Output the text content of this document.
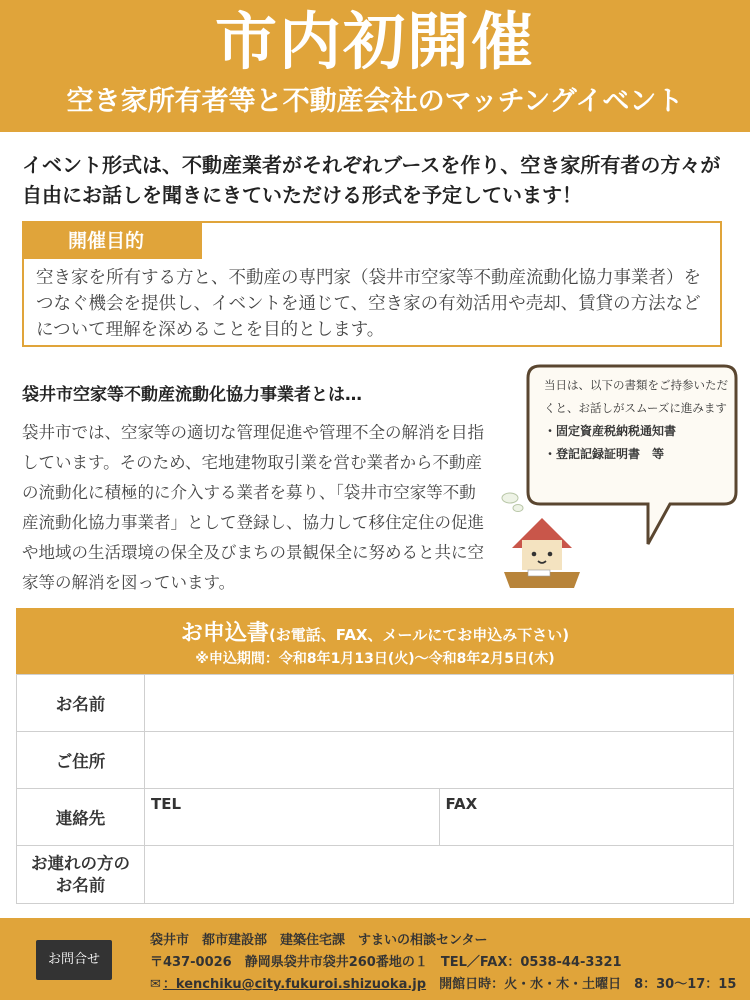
市内初開催
空き家所有者等と不動産会社のマッチングイベント
イベント形式は、不動産業者がそれぞれブースを作り、空き家所有者の方々が自由にお話しを聞きにきていただける形式を予定しています！
開催目的
空き家を所有する方と、不動産の専門家（袋井市空家等不動産流動化協力事業者）をつなぐ機会を提供し、イベントを通じて、空き家の有効活用や売却、賃貸の方法などについて理解を深めることを目的とします。
袋井市空家等不動産流動化協力事業者とは…
袋井市では、空家等の適切な管理促進や管理不全の解消を目指しています。そのため、宅地建物取引業を営む業者から不動産の流動化に積極的に介入する業者を募り、「袋井市空家等不動産流動化協力事業者」として登録し、協力して移住定住の促進や地域の生活環境の保全及びまちの景観保全に努めると共に空家等の解消を図っています。
当日は、以下の書類をご持参いただくと、お話しがスムーズに進みます
・固定資産税納税通知書
・登記記録証明書　等
お申込書(お電話、FAX、メールにてお申込み下さい)
※申込期間：令和8年1月13日(火)～令和8年2月5日(木)
お名前		
ご住所		
連絡先	TEL	FAX

お連れの方の
お名前		

お問合せ
袋井市　都市建設部　建築住宅課　すまいの相談センター
〒437-0026　静岡県袋井市袋井260番地の１　TEL／FAX：0538-44-3321
✉ ：kenchiku@city.fukuroi.shizuoka.jp　 開館日時：火・水・木・土曜日　8：30～17：15
